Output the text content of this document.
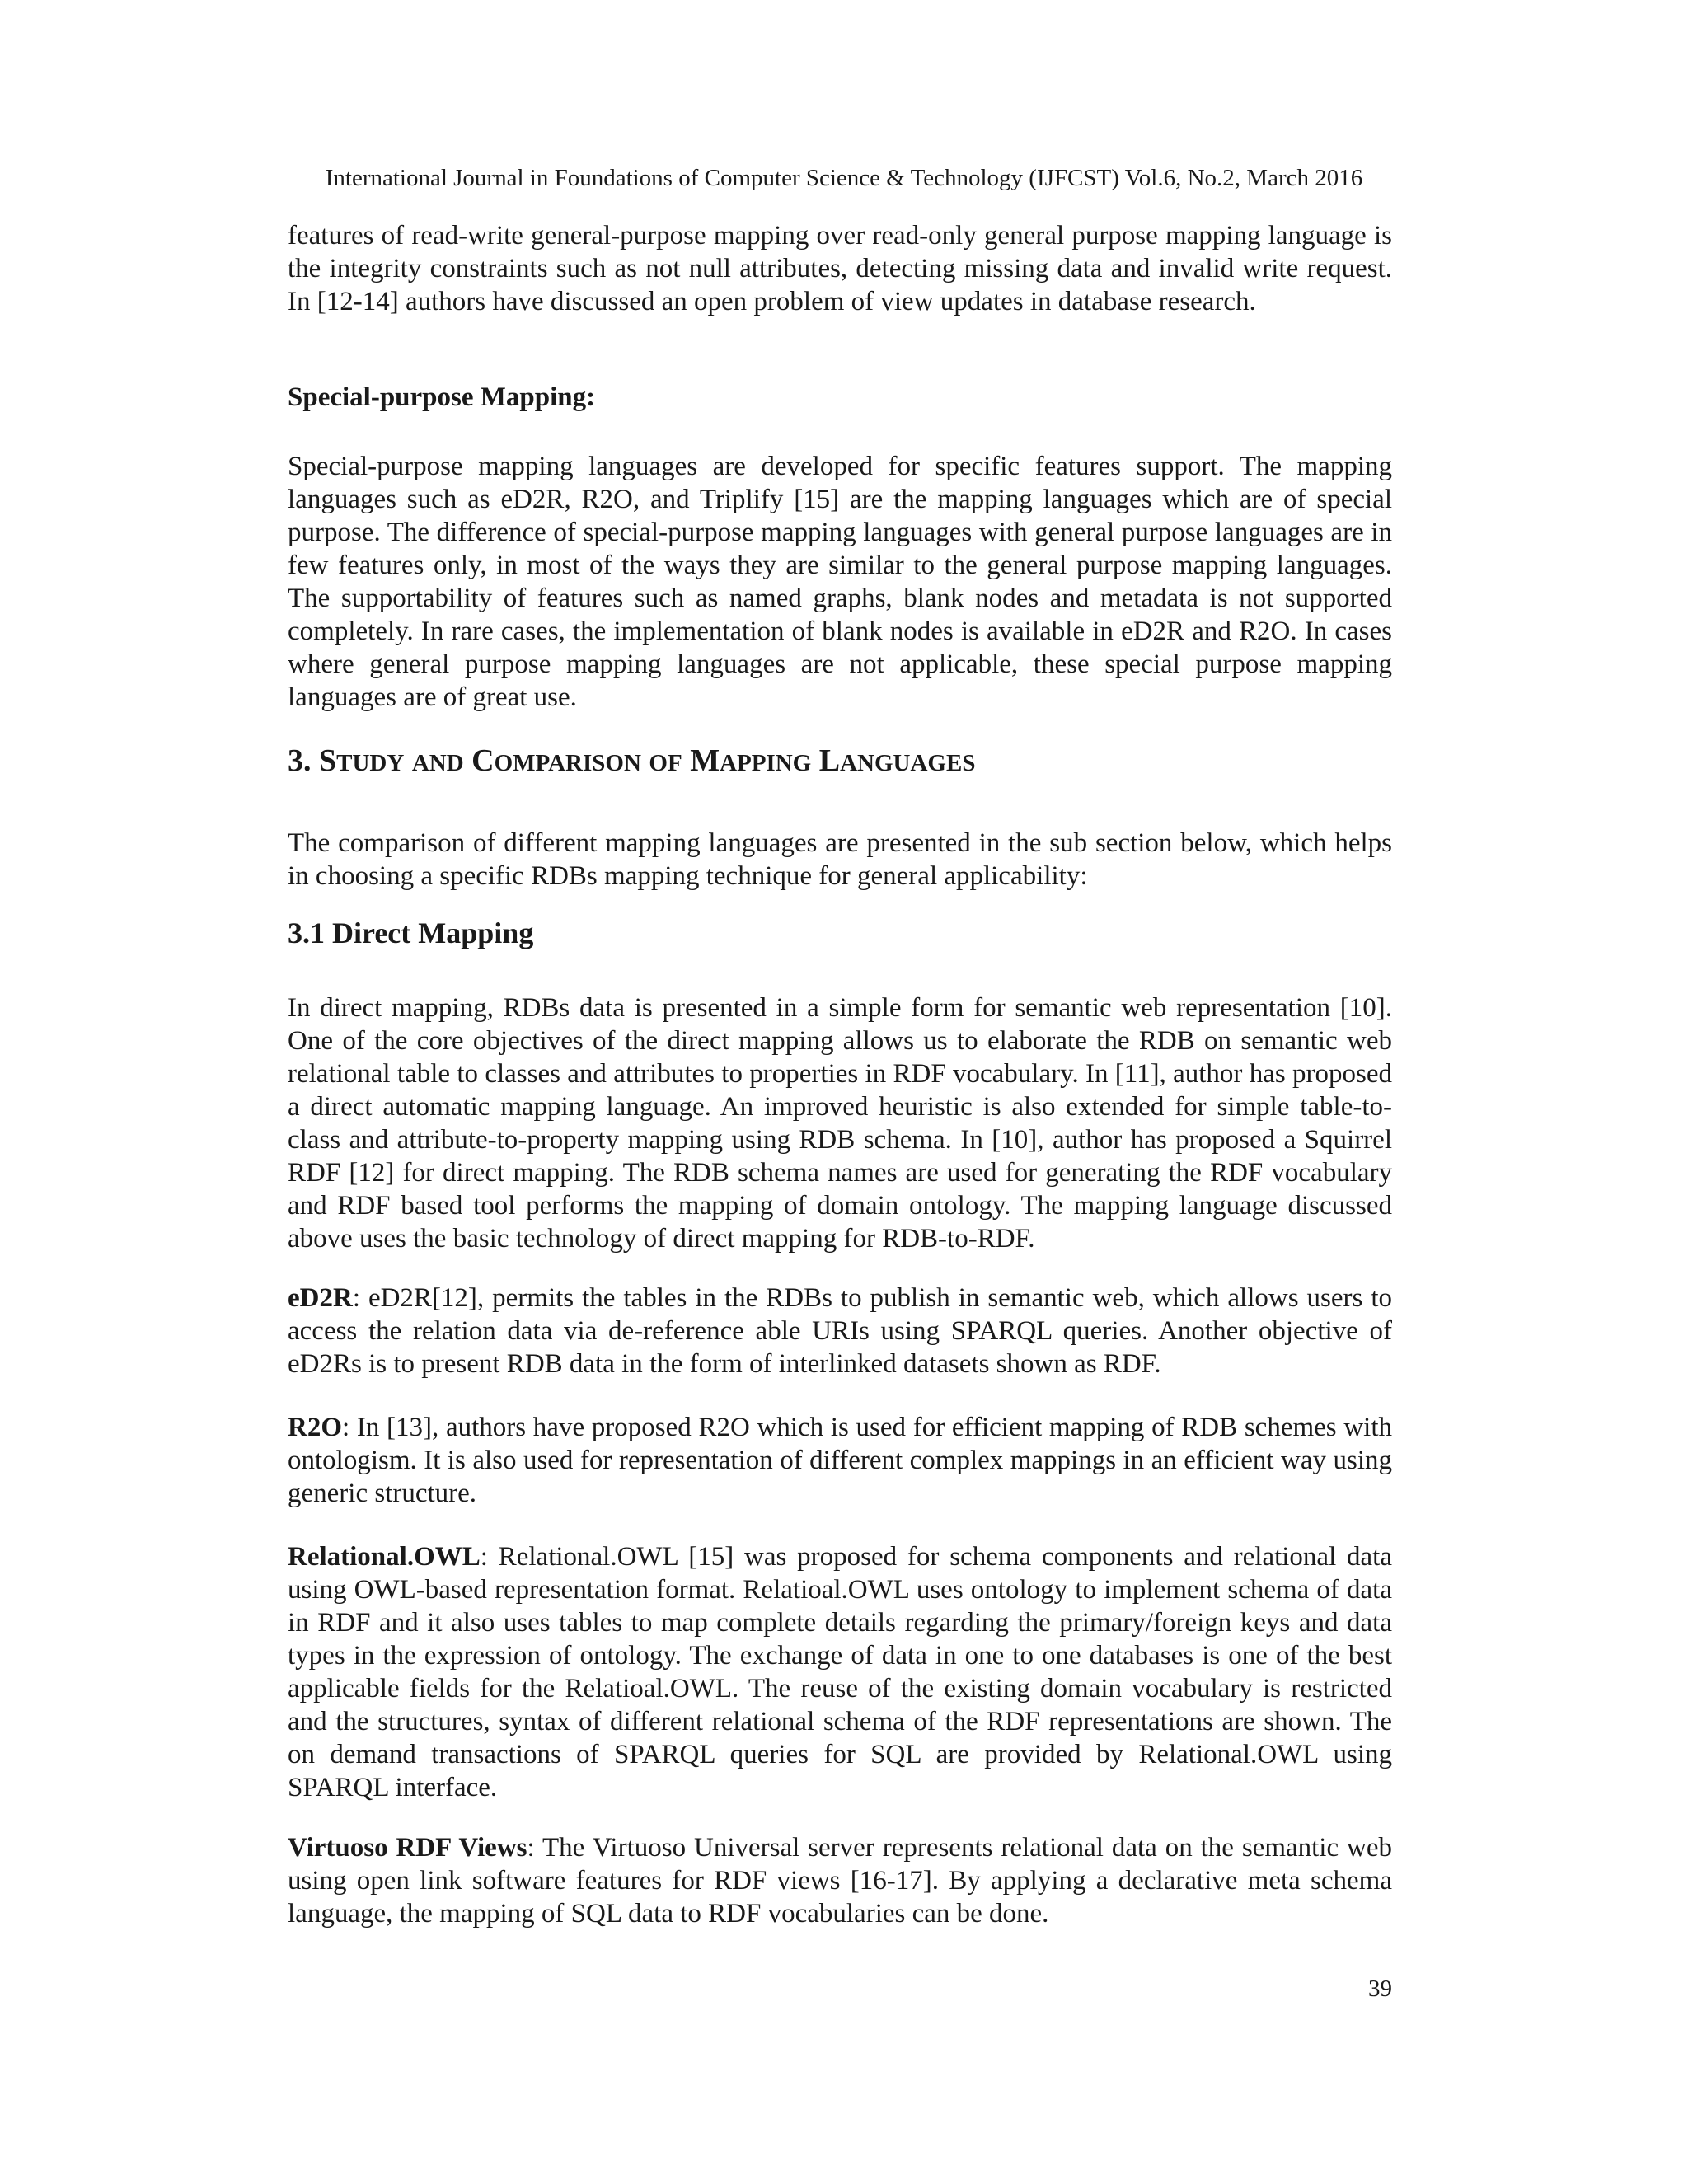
International Journal in Foundations of Computer Science & Technology (IJFCST) Vol.6, No.2, March 2016

features of read-write general-purpose mapping over read-only general purpose mapping language is the integrity constraints such as not null attributes, detecting missing data and invalid write request. In [12-14] authors have discussed an open problem of view updates in database research.

Special-purpose Mapping:

Special-purpose mapping languages are developed for specific features support. The mapping languages such as eD2R, R2O, and Triplify [15] are the mapping languages which are of special purpose. The difference of special-purpose mapping languages with general purpose languages are in few features only, in most of the ways they are similar to the general purpose mapping languages. The supportability of features such as named graphs, blank nodes and metadata is not supported completely. In rare cases, the implementation of blank nodes is available in eD2R and R2O. In cases where general purpose mapping languages are not applicable, these special purpose mapping languages are of great use.

3. STUDY AND COMPARISON OF MAPPING LANGUAGES

The comparison of different mapping languages are presented in the sub section below, which helps in choosing a specific RDBs mapping technique for general applicability:

3.1 Direct Mapping

In direct mapping, RDBs data is presented in a simple form for semantic web representation [10]. One of the core objectives of the direct mapping allows us to elaborate the RDB on semantic web relational table to classes and attributes to properties in RDF vocabulary. In [11], author has proposed a direct automatic mapping language. An improved heuristic is also extended for simple table-to-class and attribute-to-property mapping using RDB schema. In [10], author has proposed a Squirrel RDF [12] for direct mapping. The RDB schema names are used for generating the RDF vocabulary and RDF based tool performs the mapping of domain ontology. The mapping language discussed above uses the basic technology of direct mapping for RDB-to-RDF.

eD2R: eD2R[12], permits the tables in the RDBs to publish in semantic web, which allows users to access the relation data via de-reference able URIs using SPARQL queries. Another objective of eD2Rs is to present RDB data in the form of interlinked datasets shown as RDF.

R2O: In [13], authors have proposed R2O which is used for efficient mapping of RDB schemes with ontologism. It is also used for representation of different complex mappings in an efficient way using generic structure.

Relational.OWL: Relational.OWL [15] was proposed for schema components and relational data using OWL-based representation format. Relatioal.OWL uses ontology to implement schema of data in RDF and it also uses tables to map complete details regarding the primary/foreign keys and data types in the expression of ontology. The exchange of data in one to one databases is one of the best applicable fields for the Relatioal.OWL. The reuse of the existing domain vocabulary is restricted and the structures, syntax of different relational schema of the RDF representations are shown. The on demand transactions of SPARQL queries for SQL are provided by Relational.OWL using SPARQL interface.

Virtuoso RDF Views: The Virtuoso Universal server represents relational data on the semantic web using open link software features for RDF views [16-17]. By applying a declarative meta schema language, the mapping of SQL data to RDF vocabularies can be done.

39
